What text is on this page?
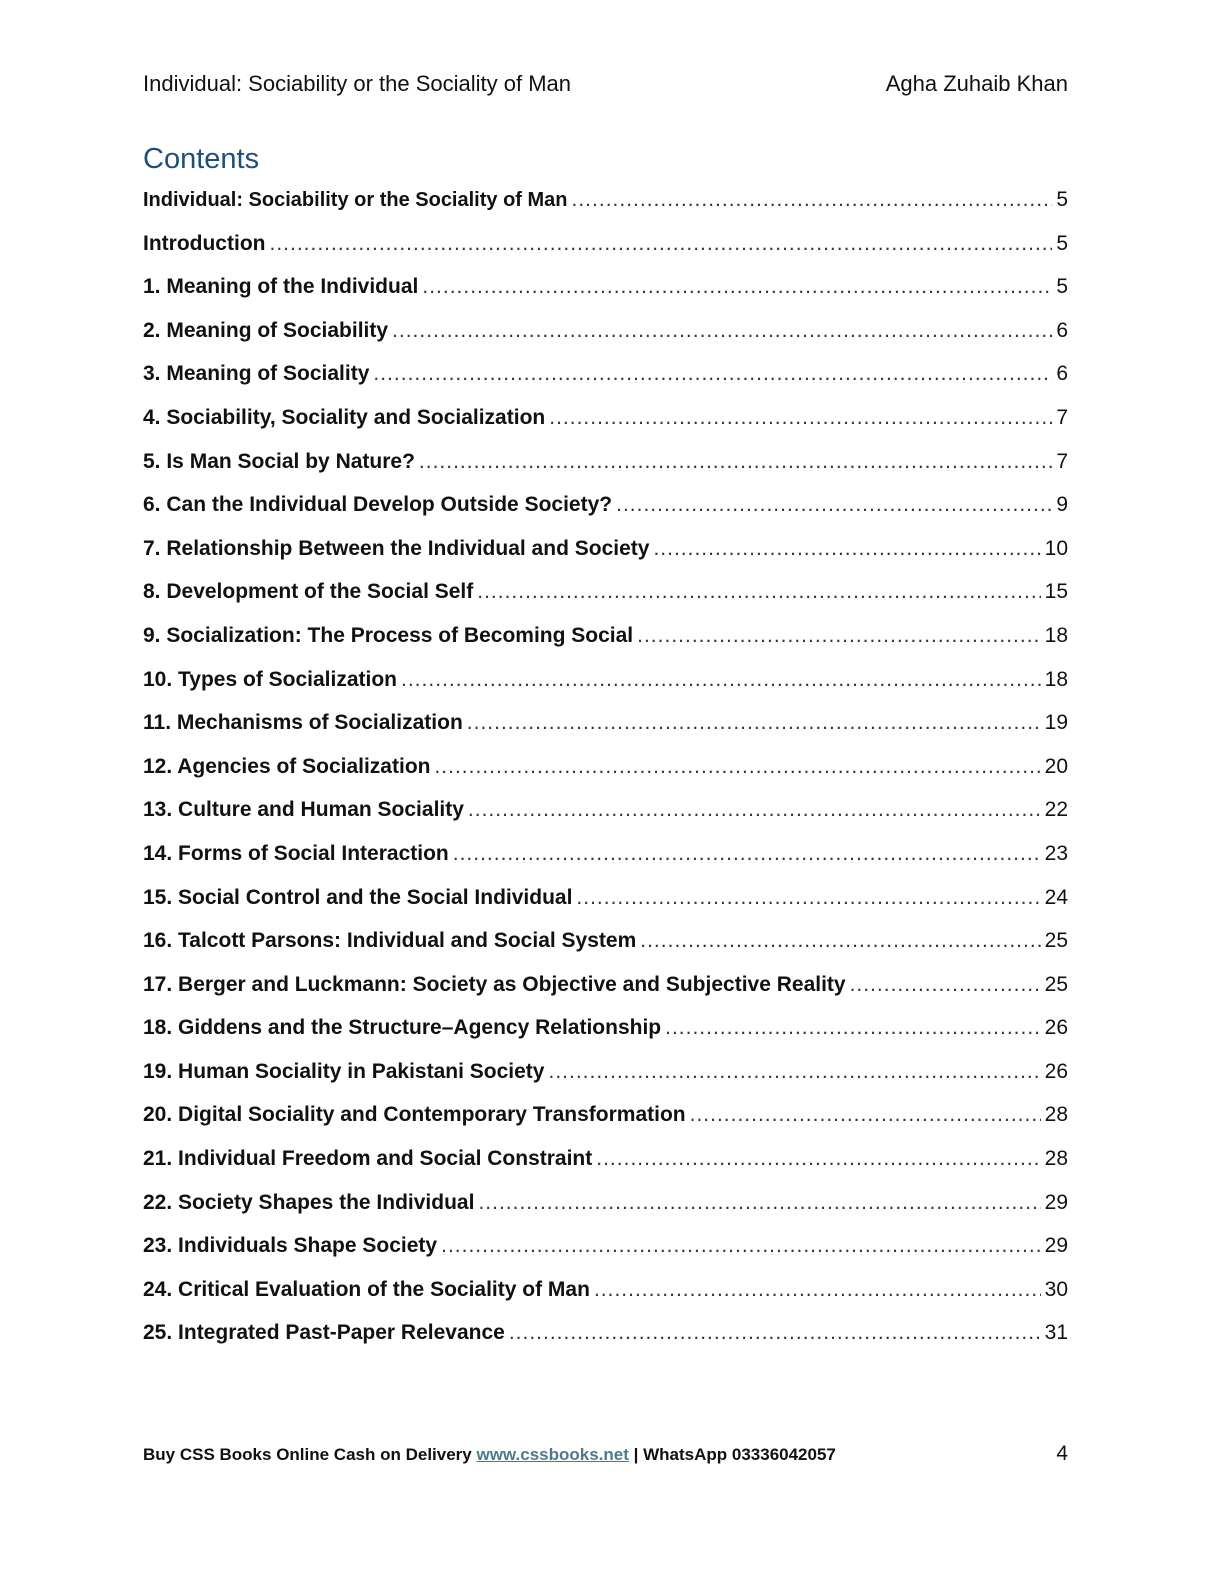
Individual: Sociability or the Sociality of Man	Agha Zuhaib Khan
Contents
Individual: Sociability or the Sociality of Man .....	5
Introduction .....	5
1. Meaning of the Individual .....	5
2. Meaning of Sociability .....	6
3. Meaning of Sociality .....	6
4. Sociability, Sociality and Socialization .....	7
5. Is Man Social by Nature? .....	7
6. Can the Individual Develop Outside Society? .....	9
7. Relationship Between the Individual and Society .....	10
8. Development of the Social Self .....	15
9. Socialization: The Process of Becoming Social .....	18
10. Types of Socialization .....	18
11. Mechanisms of Socialization .....	19
12. Agencies of Socialization .....	20
13. Culture and Human Sociality .....	22
14. Forms of Social Interaction .....	23
15. Social Control and the Social Individual .....	24
16. Talcott Parsons: Individual and Social System .....	25
17. Berger and Luckmann: Society as Objective and Subjective Reality .....	25
18. Giddens and the Structure–Agency Relationship .....	26
19. Human Sociality in Pakistani Society .....	26
20. Digital Sociality and Contemporary Transformation .....	28
21. Individual Freedom and Social Constraint .....	28
22. Society Shapes the Individual .....	29
23. Individuals Shape Society .....	29
24. Critical Evaluation of the Sociality of Man .....	30
25. Integrated Past-Paper Relevance .....	31
Buy CSS Books Online Cash on Delivery www.cssbooks.net | WhatsApp 03336042057	4
